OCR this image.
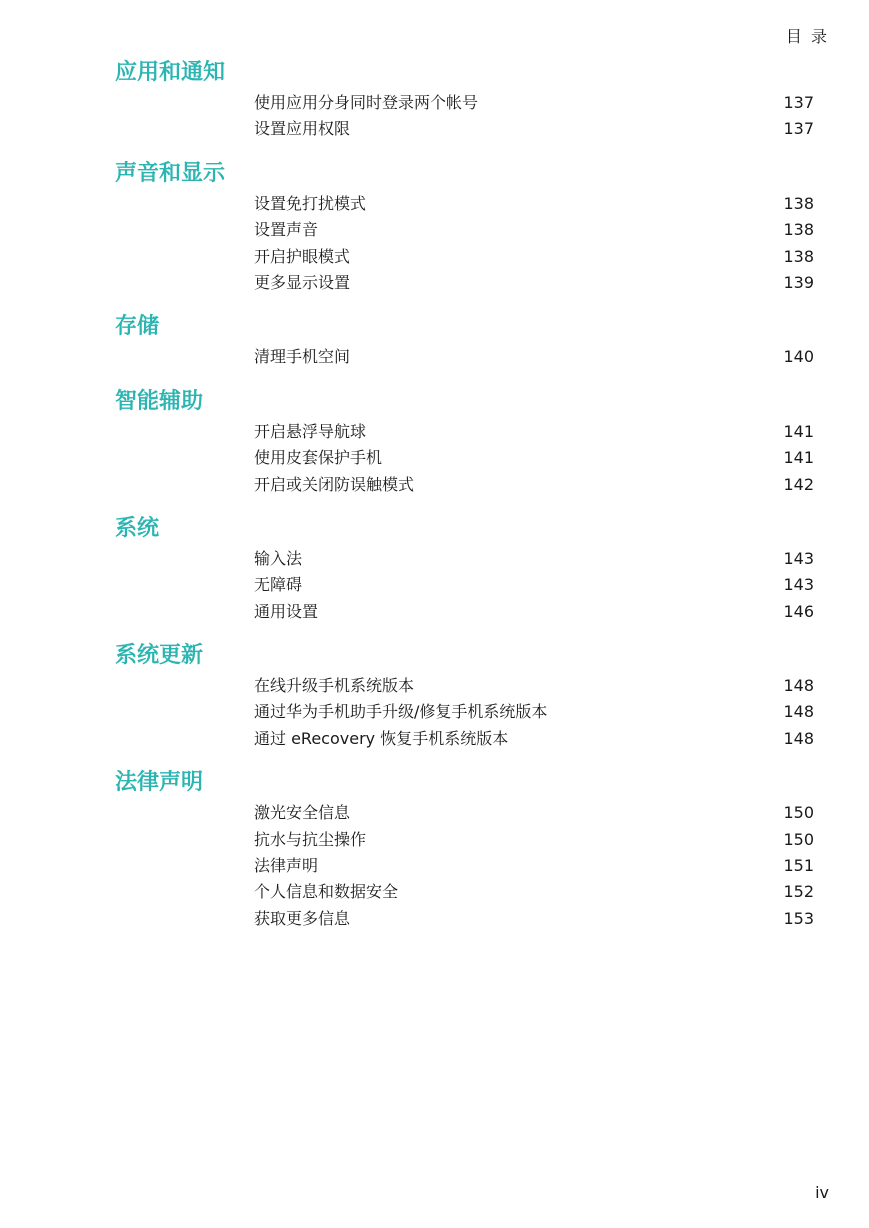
目 录
应用和通知
使用应用分身同时登录两个帐号	137
设置应用权限	137
声音和显示
设置免打扰模式	138
设置声音	138
开启护眼模式	138
更多显示设置	139
存储
清理手机空间	140
智能辅助
开启悬浮导航球	141
使用皮套保护手机	141
开启或关闭防误触模式	142
系统
输入法	143
无障碍	143
通用设置	146
系统更新
在线升级手机系统版本	148
通过华为手机助手升级/修复手机系统版本	148
通过 eRecovery 恢复手机系统版本	148
法律声明
激光安全信息	150
抗水与抗尘操作	150
法律声明	151
个人信息和数据安全	152
获取更多信息	153
iv
